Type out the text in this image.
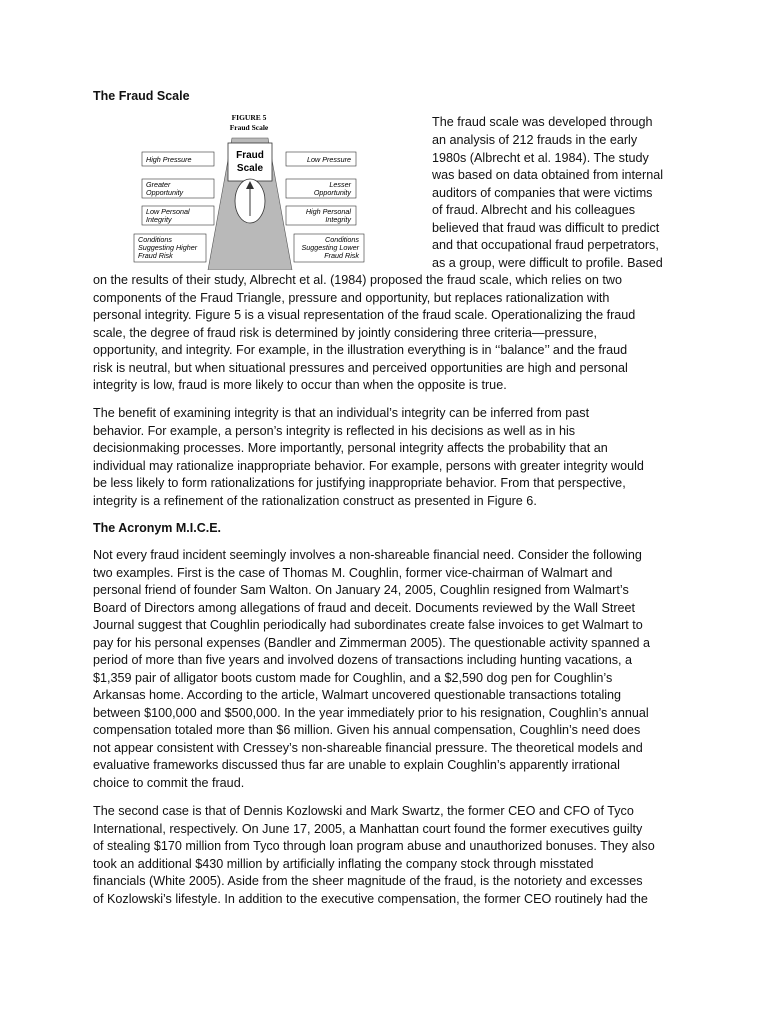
The Fraud Scale
FIGURE 5
Fraud Scale
Fraud
Scale
High Pressure
Greater
Opportunity
Low Personal
Integrity
Conditions
Suggesting Higher
Fraud Risk
Low Pressure
Lesser
Opportunity
High Personal
Integrity
Conditions
Suggesting Lower
Fraud Risk
The fraud scale was developed through
an analysis of 212 frauds in the early
1980s (Albrecht et al. 1984). The study
was based on data obtained from internal
auditors of companies that were victims
of fraud. Albrecht and his colleagues
believed that fraud was difficult to predict
and that occupational fraud perpetrators,
as a group, were difficult to profile. Based
on the results of their study, Albrecht et al. (1984) proposed the fraud scale, which relies on two
components of the Fraud Triangle, pressure and opportunity, but replaces rationalization with
personal integrity. Figure 5 is a visual representation of the fraud scale. Operationalizing the fraud
scale, the degree of fraud risk is determined by jointly considering three criteria—pressure,
opportunity, and integrity. For example, in the illustration everything is in ‘‘balance’’ and the fraud
risk is neutral, but when situational pressures and perceived opportunities are high and personal
integrity is low, fraud is more likely to occur than when the opposite is true.
The benefit of examining integrity is that an individual’s integrity can be inferred from past
behavior. For example, a person’s integrity is reflected in his decisions as well as in his
decisionmaking processes. More importantly, personal integrity affects the probability that an
individual may rationalize inappropriate behavior. For example, persons with greater integrity would
be less likely to form rationalizations for justifying inappropriate behavior. From that perspective,
integrity is a refinement of the rationalization construct as presented in Figure 6.
The Acronym M.I.C.E.
Not every fraud incident seemingly involves a non-shareable financial need. Consider the following
two examples. First is the case of Thomas M. Coughlin, former vice-chairman of Walmart and
personal friend of founder Sam Walton. On January 24, 2005, Coughlin resigned from Walmart’s
Board of Directors among allegations of fraud and deceit. Documents reviewed by the Wall Street
Journal suggest that Coughlin periodically had subordinates create false invoices to get Walmart to
pay for his personal expenses (Bandler and Zimmerman 2005). The questionable activity spanned a
period of more than five years and involved dozens of transactions including hunting vacations, a
$1,359 pair of alligator boots custom made for Coughlin, and a $2,590 dog pen for Coughlin’s
Arkansas home. According to the article, Walmart uncovered questionable transactions totaling
between $100,000 and $500,000. In the year immediately prior to his resignation, Coughlin’s annual
compensation totaled more than $6 million. Given his annual compensation, Coughlin’s need does
not appear consistent with Cressey’s non-shareable financial pressure. The theoretical models and
evaluative frameworks discussed thus far are unable to explain Coughlin’s apparently irrational
choice to commit the fraud.
The second case is that of Dennis Kozlowski and Mark Swartz, the former CEO and CFO of Tyco
International, respectively. On June 17, 2005, a Manhattan court found the former executives guilty
of stealing $170 million from Tyco through loan program abuse and unauthorized bonuses. They also
took an additional $430 million by artificially inflating the company stock through misstated
financials (White 2005). Aside from the sheer magnitude of the fraud, is the notoriety and excesses
of Kozlowski’s lifestyle. In addition to the executive compensation, the former CEO routinely had the
